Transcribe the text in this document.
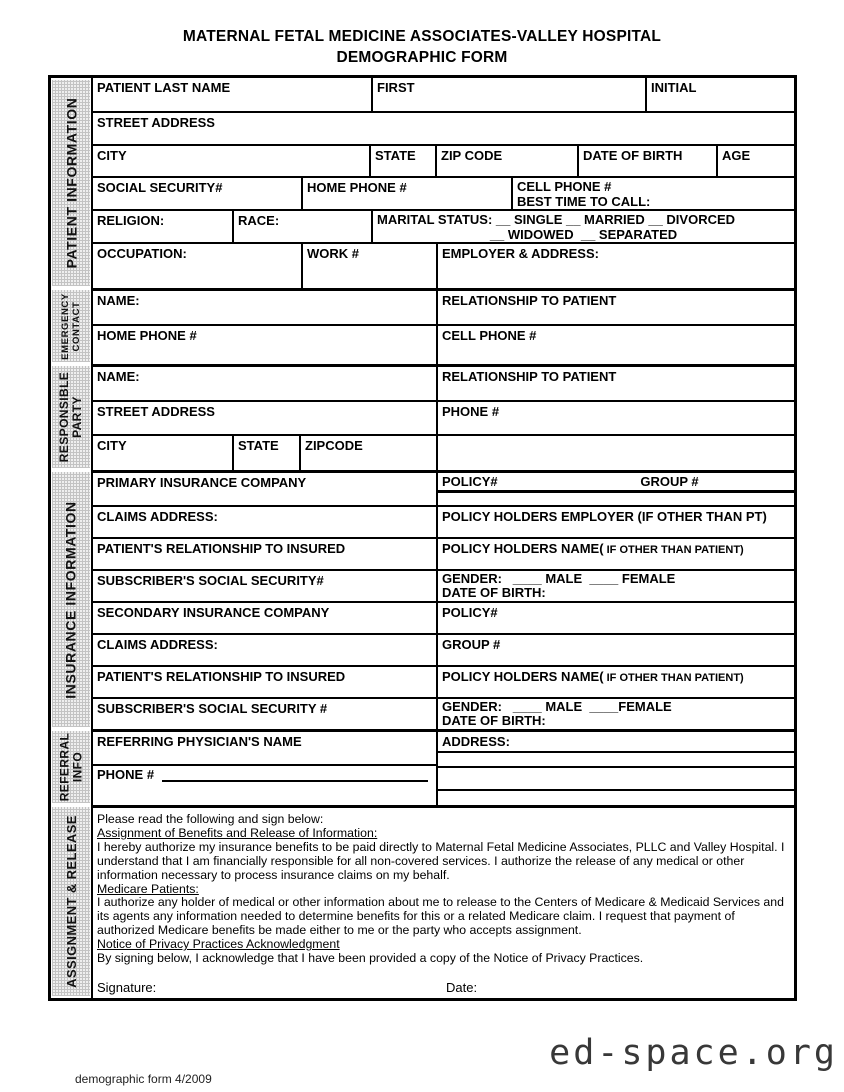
MATERNAL FETAL MEDICINE ASSOCIATES-VALLEY HOSPITAL
DEMOGRAPHIC FORM
PATIENT INFORMATION
PATIENT LAST NAME	FIRST	INITIAL
STREET ADDRESS
CITY	STATE	ZIP CODE	DATE OF BIRTH	AGE
SOCIAL SECURITY#	HOME PHONE #	CELL PHONE #
BEST TIME TO CALL:
RELIGION:	RACE:	MARITAL STATUS: __ SINGLE __ MARRIED __ DIVORCED
__ WIDOWED  __ SEPARATED
OCCUPATION:	WORK #	EMPLOYER & ADDRESS:
EMERGENCY CONTACT
NAME:	RELATIONSHIP TO PATIENT
HOME PHONE #	CELL PHONE #
RESPONSIBLE PARTY
NAME:	RELATIONSHIP TO PATIENT
STREET ADDRESS	PHONE #
CITY	STATE	ZIPCODE
INSURANCE INFORMATION
PRIMARY INSURANCE COMPANY	POLICY#	GROUP #
CLAIMS ADDRESS:	POLICY HOLDERS EMPLOYER (IF OTHER THAN PT)
PATIENT'S RELATIONSHIP TO INSURED	POLICY HOLDERS NAME( IF OTHER THAN PATIENT)
SUBSCRIBER'S SOCIAL SECURITY#	GENDER:   ____ MALE  ____ FEMALE
DATE OF BIRTH:
SECONDARY INSURANCE COMPANY	POLICY#
CLAIMS ADDRESS:	GROUP #
PATIENT'S RELATIONSHIP TO INSURED	POLICY HOLDERS NAME( IF OTHER THAN PATIENT)
SUBSCRIBER'S SOCIAL SECURITY #	GENDER:   ____ MALE  ____FEMALE
DATE OF BIRTH:
REFERRAL INFO
REFERRING PHYSICIAN'S NAME
PHONE #
ADDRESS:
ASSIGNMENT & RELEASE Please read the following and sign below:
Assignment of Benefits and Release of Information:
I hereby authorize my insurance benefits to be paid directly to Maternal Fetal Medicine Associates, PLLC and Valley Hospital. I understand that I am financially responsible for all non-covered services. I authorize the release of any medical or other information necessary to process insurance claims on my behalf.
Medicare Patients:
I authorize any holder of medical or other information about me to release to the Centers of Medicare & Medicaid Services and its agents any information needed to determine benefits for this or a related Medicare claim. I request that payment of authorized Medicare benefits be made either to me or the party who accepts assignment.
Notice of Privacy Practices Acknowledgment
By signing below, I acknowledge that I have been provided a copy of the Notice of Privacy Practices.
Signature:	Date:
ed-space.org
demographic form 4/2009
